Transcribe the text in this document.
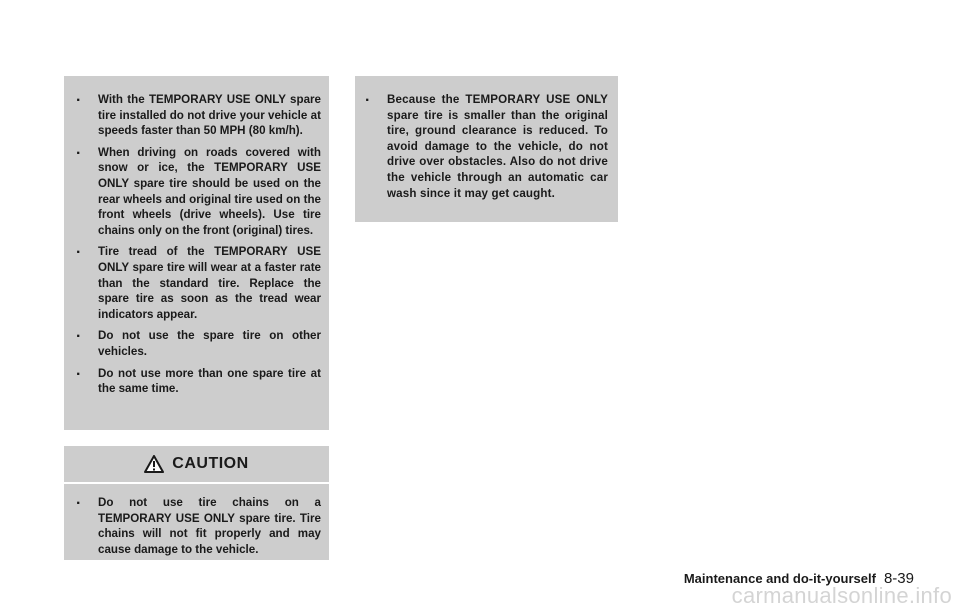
. With the TEMPORARY USE ONLY spare tire installed do not drive your vehicle at speeds faster than 50 MPH (80 km/h).
. When driving on roads covered with snow or ice, the TEMPORARY USE ONLY spare tire should be used on the rear wheels and original tire used on the front wheels (drive wheels). Use tire chains only on the front (original) tires.
. Tire tread of the TEMPORARY USE ONLY spare tire will wear at a faster rate than the standard tire. Replace the spare tire as soon as the tread wear indicators appear.
. Do not use the spare tire on other vehicles.
. Do not use more than one spare tire at the same time.
. Because the TEMPORARY USE ONLY spare tire is smaller than the original tire, ground clearance is reduced. To avoid damage to the vehicle, do not drive over obstacles. Also do not drive the vehicle through an automatic car wash since it may get caught.
CAUTION
. Do not use tire chains on a TEMPORARY USE ONLY spare tire. Tire chains will not fit properly and may cause damage to the vehicle.
Maintenance and do-it-yourself 8-39
carmanualsonline.info
